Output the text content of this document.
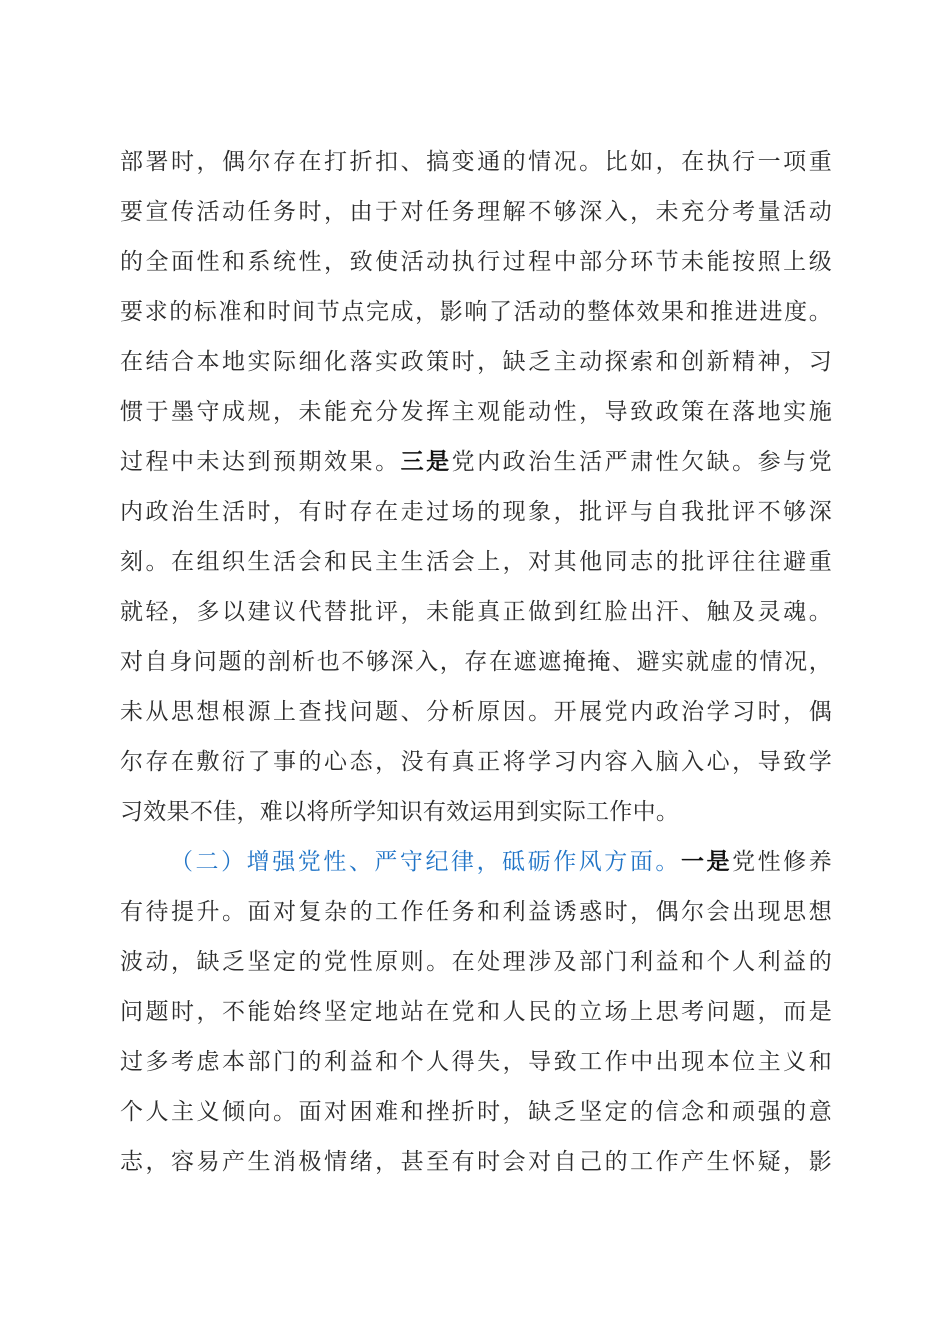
部署时，偶尔存在打折扣、搞变通的情况。比如，在执行一项重
要宣传活动任务时，由于对任务理解不够深入，未充分考量活动
的全面性和系统性，致使活动执行过程中部分环节未能按照上级
要求的标准和时间节点完成，影响了活动的整体效果和推进进度。
在结合本地实际细化落实政策时，缺乏主动探索和创新精神，习
惯于墨守成规，未能充分发挥主观能动性，导致政策在落地实施
过程中未达到预期效果。三是党内政治生活严肃性欠缺。参与党
内政治生活时，有时存在走过场的现象，批评与自我批评不够深
刻。在组织生活会和民主生活会上，对其他同志的批评往往避重
就轻，多以建议代替批评，未能真正做到红脸出汗、触及灵魂。
对自身问题的剖析也不够深入，存在遮遮掩掩、避实就虚的情况，
未从思想根源上查找问题、分析原因。开展党内政治学习时，偶
尔存在敷衍了事的心态，没有真正将学习内容入脑入心，导致学
习效果不佳，难以将所学知识有效运用到实际工作中。
（二）增强党性、严守纪律，砥砺作风方面。一是党性修养
有待提升。面对复杂的工作任务和利益诱惑时，偶尔会出现思想
波动，缺乏坚定的党性原则。在处理涉及部门利益和个人利益的
问题时，不能始终坚定地站在党和人民的立场上思考问题，而是
过多考虑本部门的利益和个人得失，导致工作中出现本位主义和
个人主义倾向。面对困难和挫折时，缺乏坚定的信念和顽强的意
志，容易产生消极情绪，甚至有时会对自己的工作产生怀疑，影
